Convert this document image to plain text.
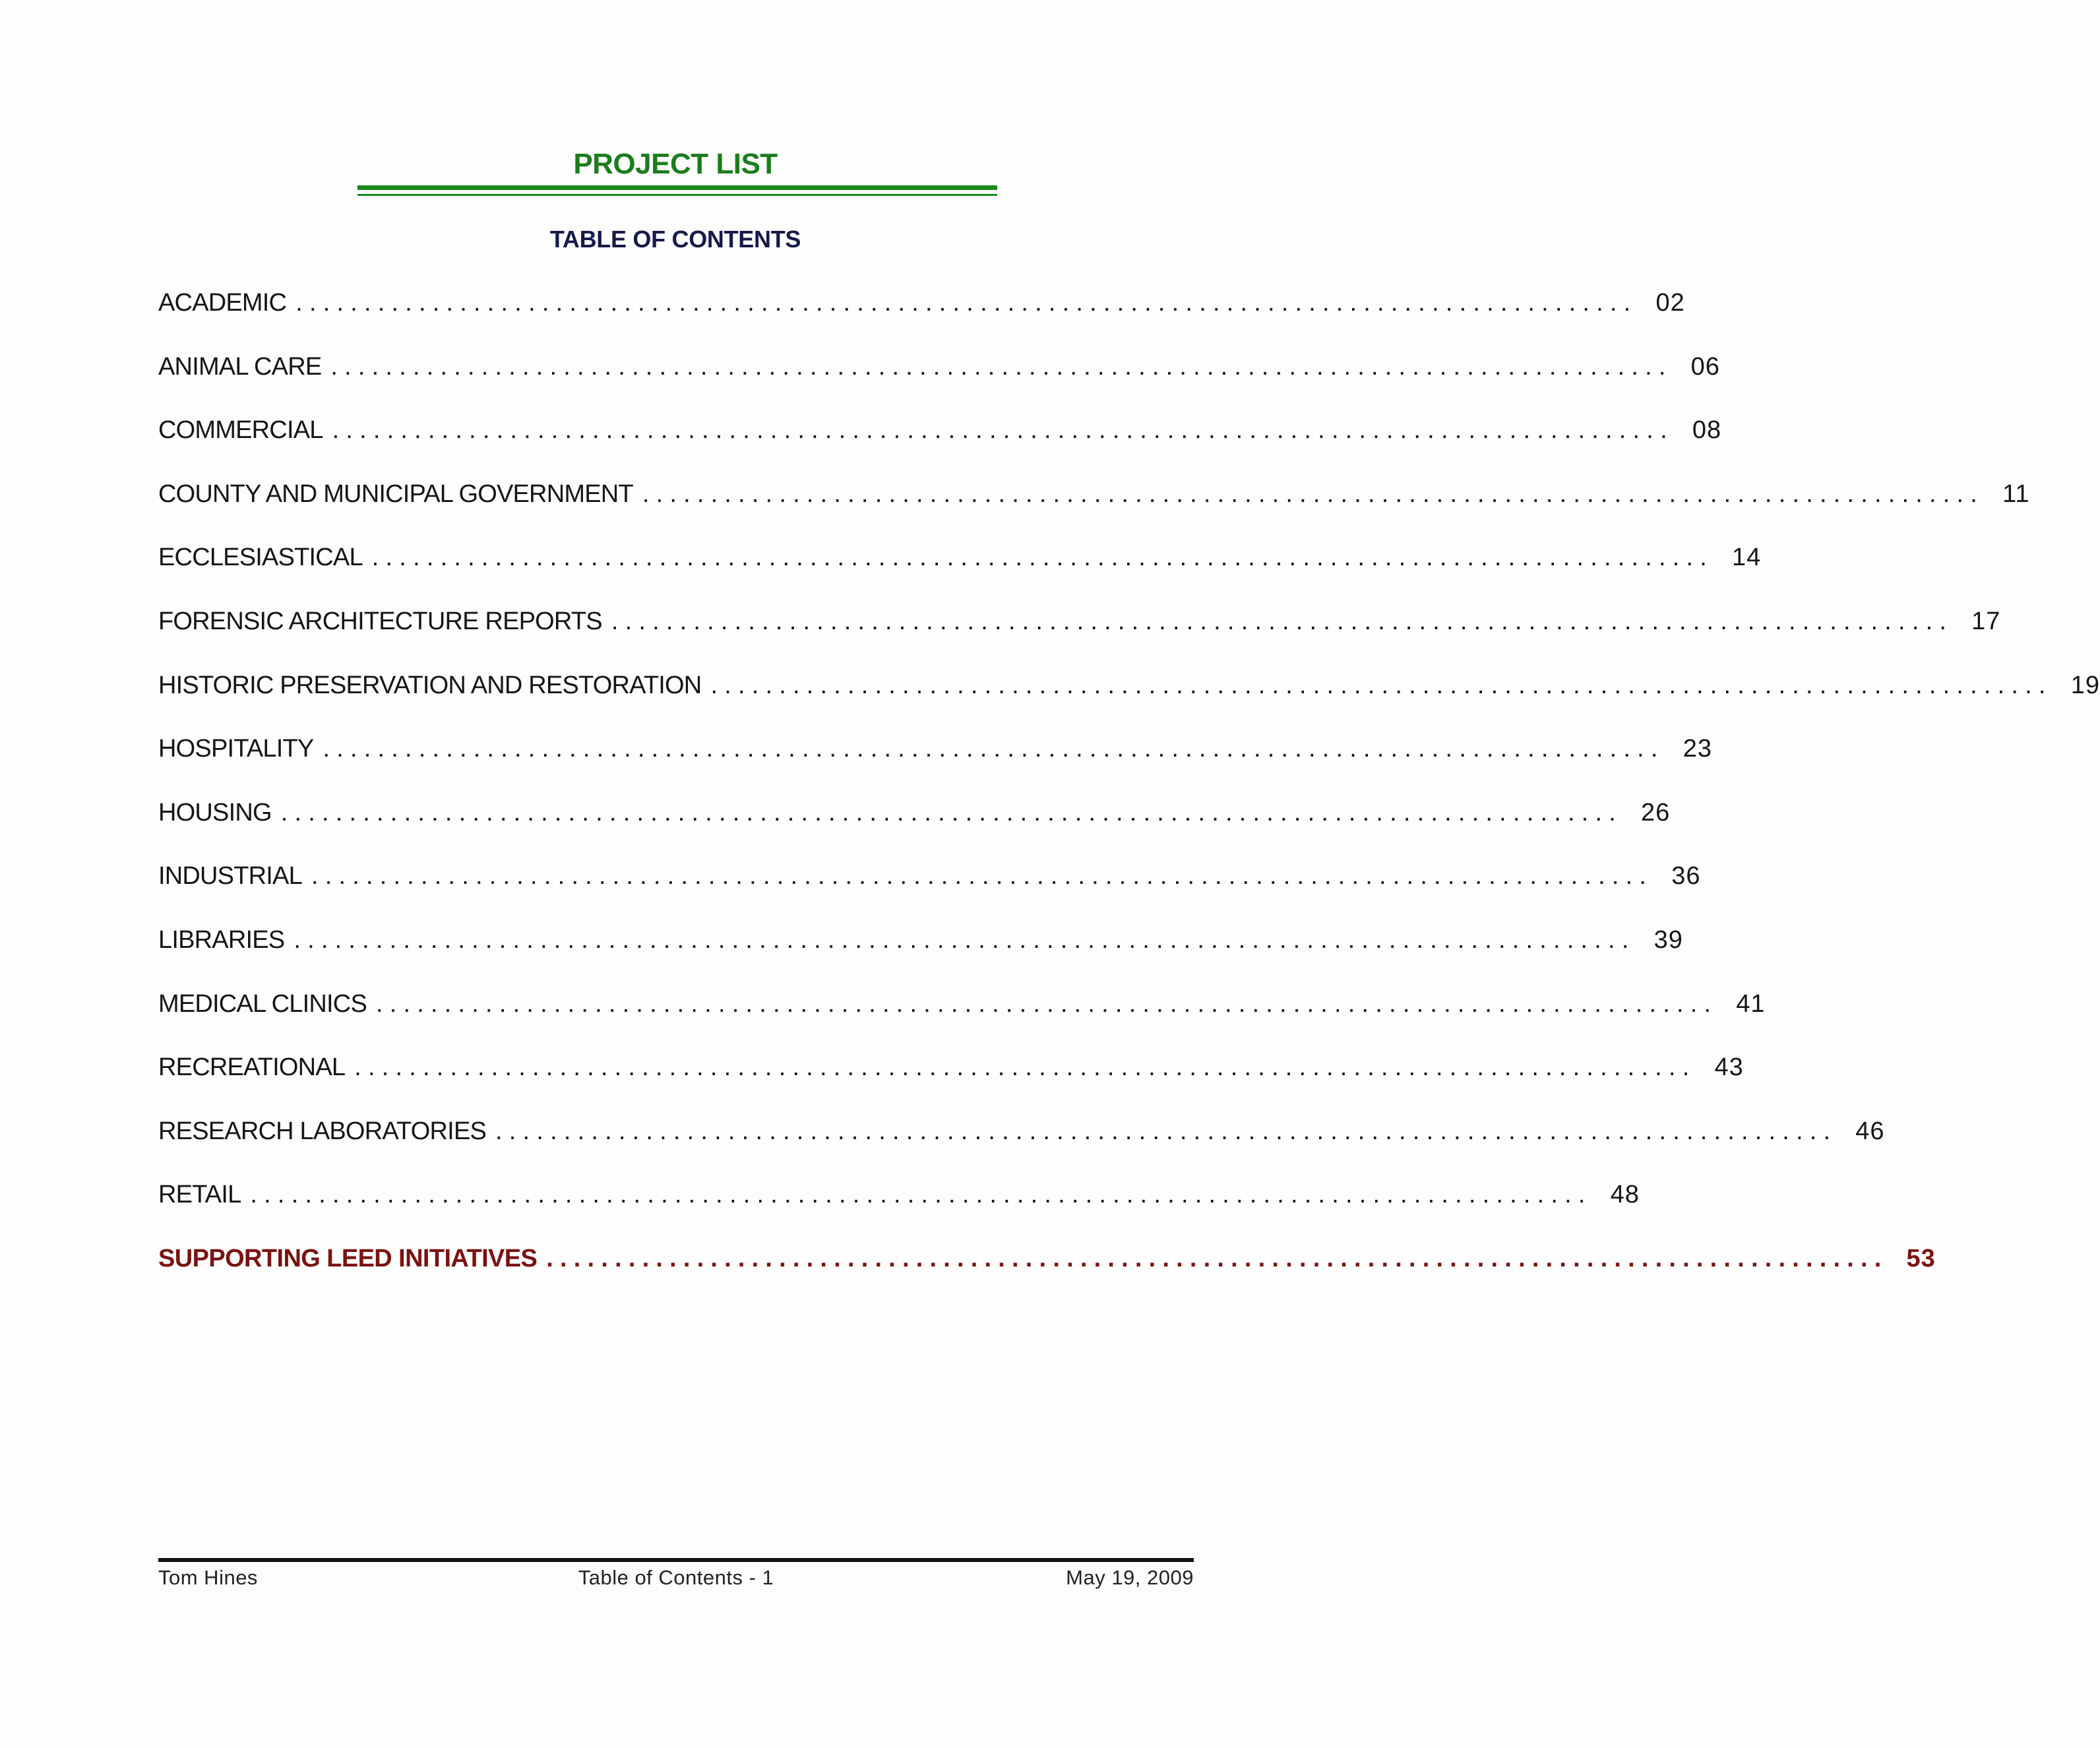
PROJECT LIST
TABLE OF CONTENTS
ACADEMIC .................................................................................................. 02
ANIMAL CARE .................................................................................................. 06
COMMERCIAL .................................................................................................. 08
COUNTY AND MUNICIPAL GOVERNMENT .................................................................................................. 11
ECCLESIASTICAL .................................................................................................. 14
FORENSIC ARCHITECTURE REPORTS .................................................................................................. 17
HISTORIC PRESERVATION AND RESTORATION .................................................................................................. 19
HOSPITALITY .................................................................................................. 23
HOUSING .................................................................................................. 26
INDUSTRIAL .................................................................................................. 36
LIBRARIES .................................................................................................. 39
MEDICAL CLINICS .................................................................................................. 41
RECREATIONAL .................................................................................................. 43
RESEARCH LABORATORIES .................................................................................................. 46
RETAIL .................................................................................................. 48
SUPPORTING LEED INITIATIVES .................................................................................................. 53
Tom Hines	Table of Contents - 1	May 19, 2009
